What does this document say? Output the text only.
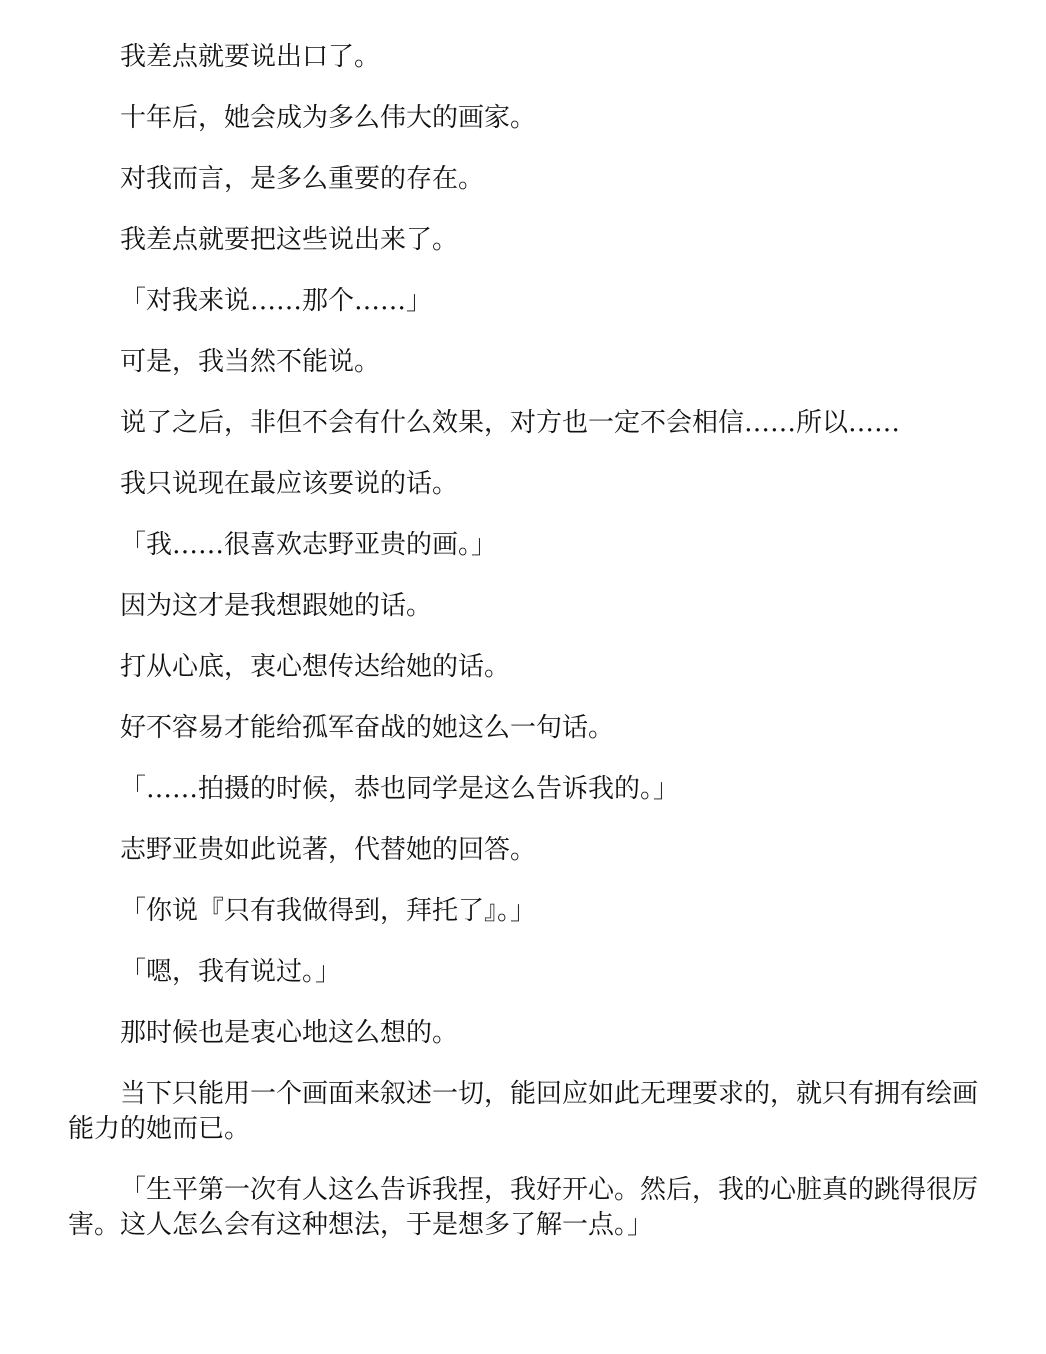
我差点就要说出口了。

十年后，她会成为多么伟大的画家。

对我而言，是多么重要的存在。

我差点就要把这些说出来了。

「对我来说……那个……」

可是，我当然不能说。

说了之后，非但不会有什么效果，对方也一定不会相信……所以……

我只说现在最应该要说的话。

「我……很喜欢志野亚贵的画。」

因为这才是我想跟她的话。

打从心底，衷心想传达给她的话。

好不容易才能给孤军奋战的她这么一句话。

「……拍摄的时候，恭也同学是这么告诉我的。」

志野亚贵如此说著，代替她的回答。

「你说『只有我做得到，拜托了』。」

「嗯，我有说过。」

那时候也是衷心地这么想的。

当下只能用一个画面来叙述一切，能回应如此无理要求的，就只有拥有绘画能力的她而已。

「生平第一次有人这么告诉我捏，我好开心。然后，我的心脏真的跳得很厉害。这人怎么会有这种想法，于是想多了解一点。」
